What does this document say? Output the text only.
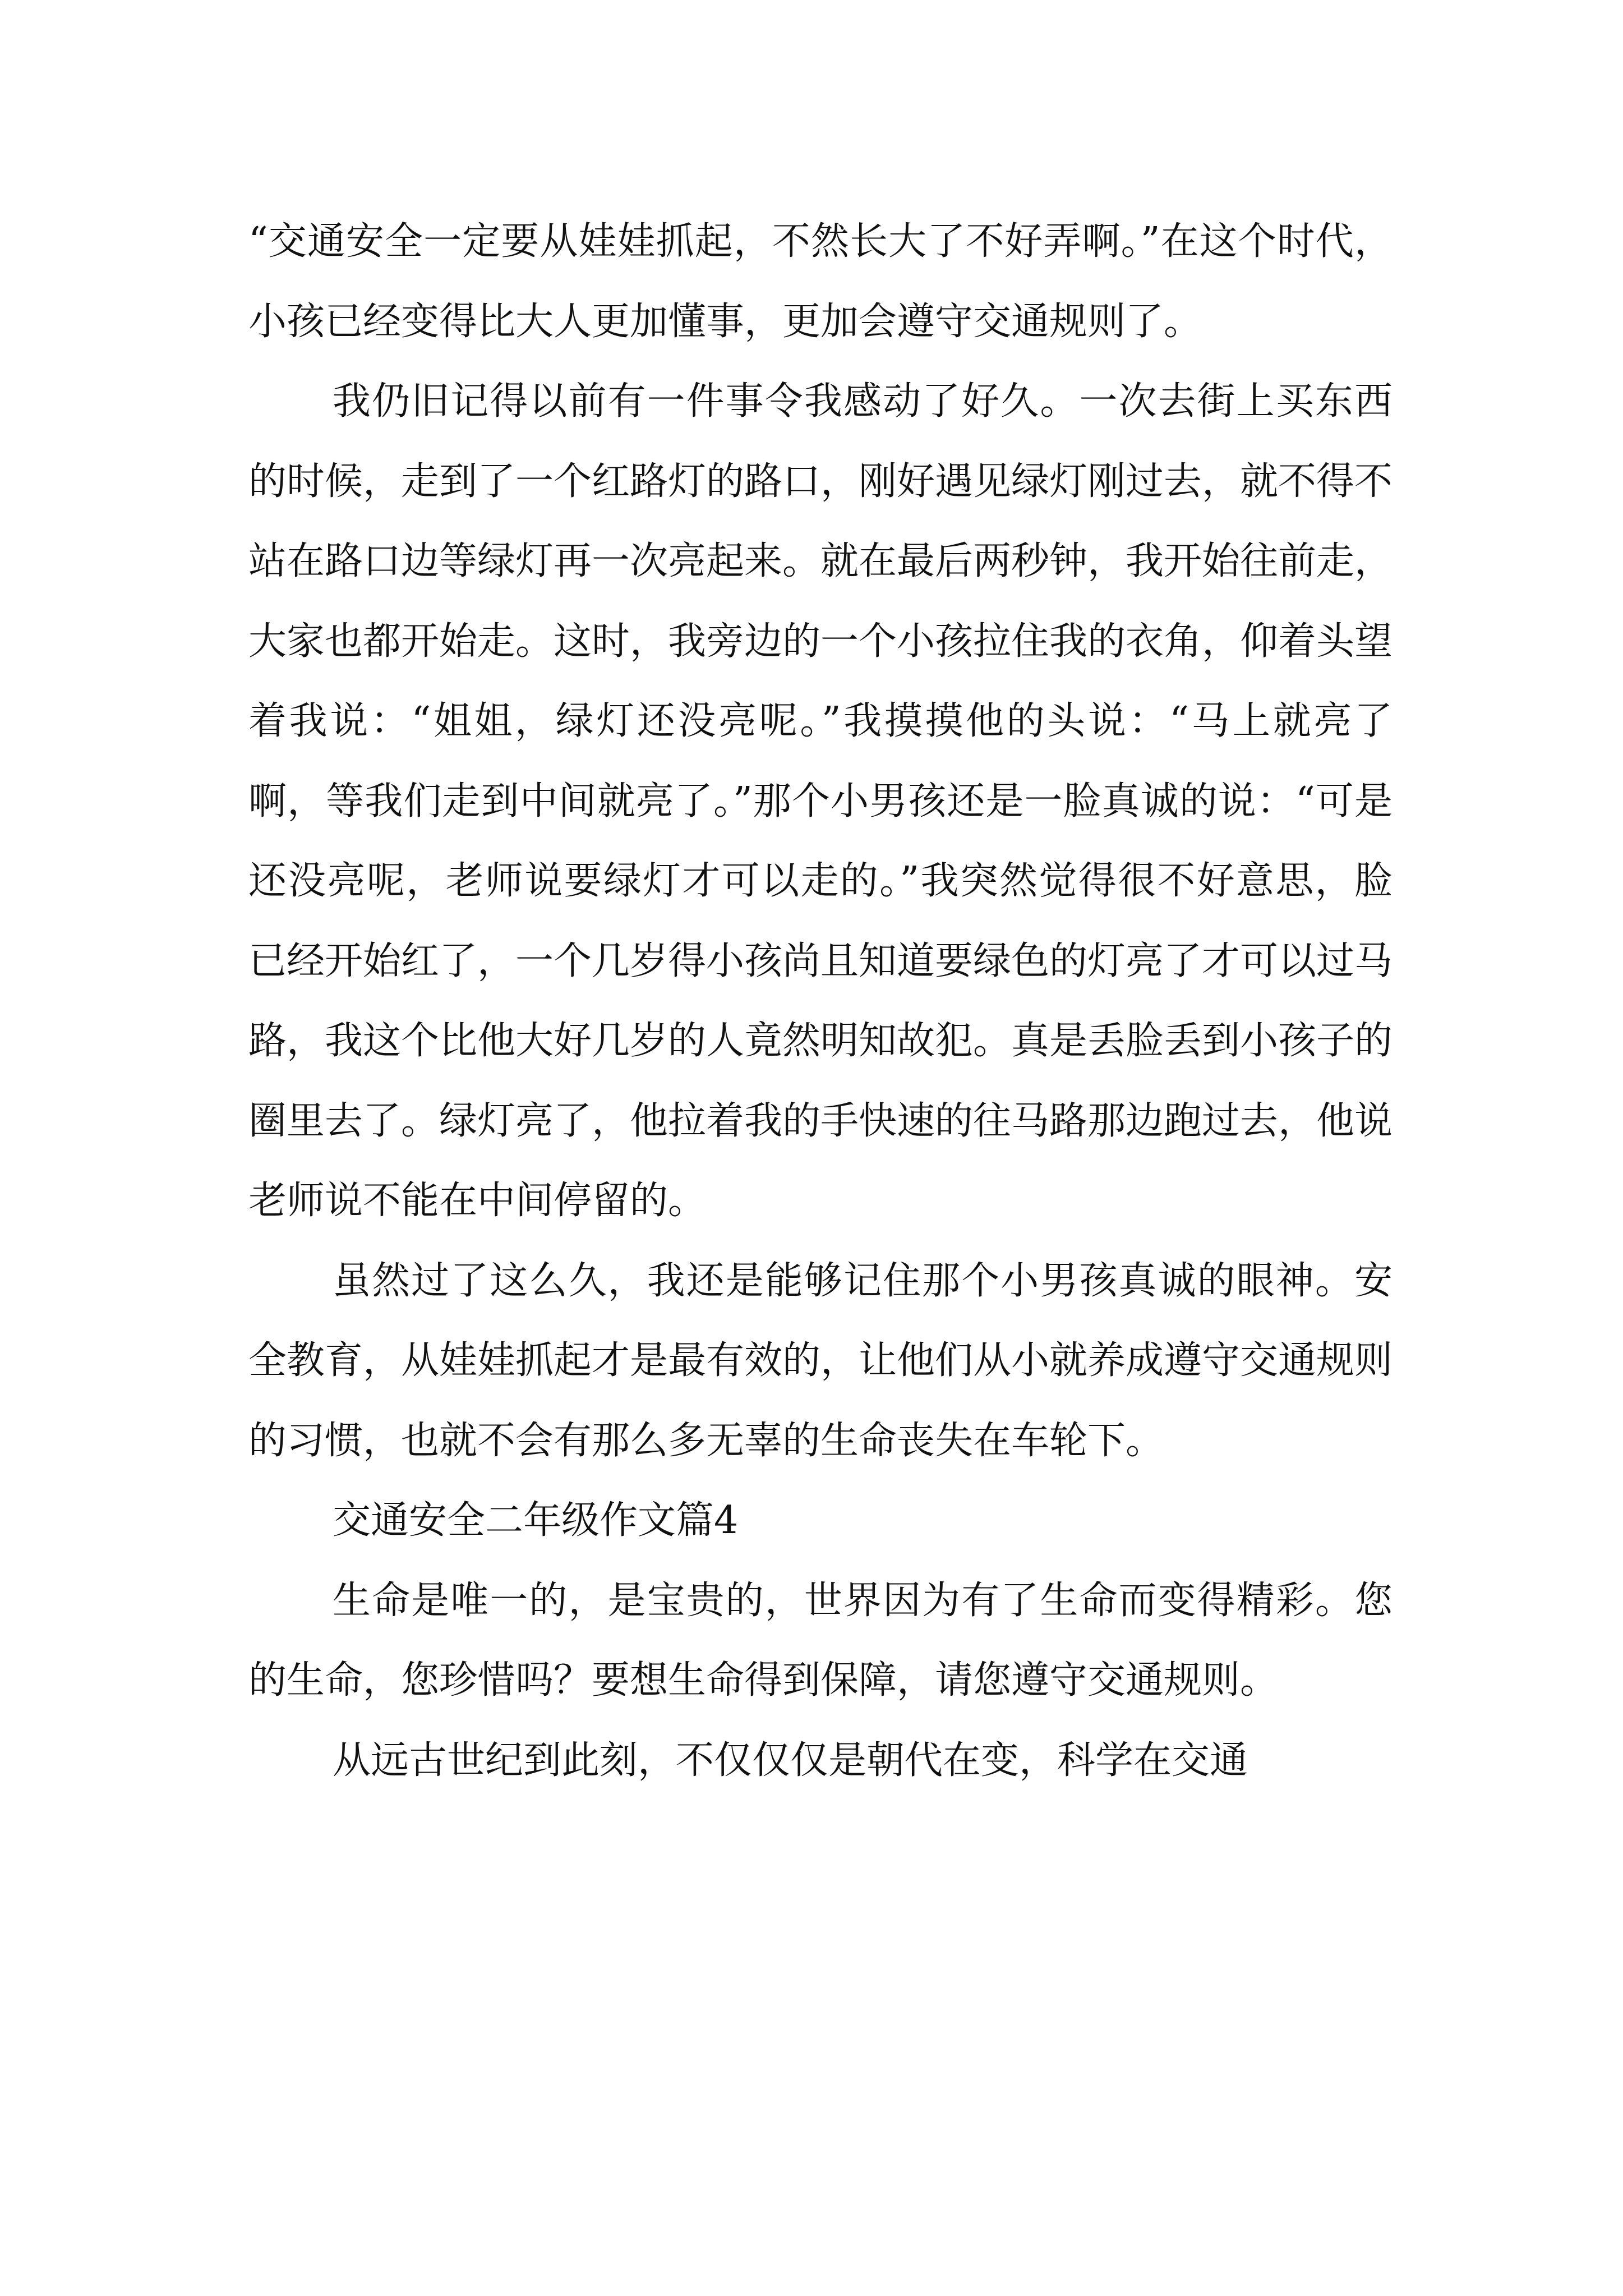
“交通安全一定要从娃娃抓起，不然长大了不好弄啊。”在这个时代，小孩已经变得比大人更加懂事，更加会遵守交通规则了。

我仍旧记得以前有一件事令我感动了好久。一次去街上买东西的时候，走到了一个红路灯的路口，刚好遇见绿灯刚过去，就不得不站在路口边等绿灯再一次亮起来。就在最后两秒钟，我开始往前走，大家也都开始走。这时，我旁边的一个小孩拉住我的衣角，仰着头望着我说：“姐姐，绿灯还没亮呢。”我摸摸他的头说：“马上就亮了啊，等我们走到中间就亮了。”那个小男孩还是一脸真诚的说：“可是还没亮呢，老师说要绿灯才可以走的。”我突然觉得很不好意思，脸已经开始红了，一个几岁得小孩尚且知道要绿色的灯亮了才可以过马路，我这个比他大好几岁的人竟然明知故犯。真是丢脸丢到小孩子的圈里去了。绿灯亮了，他拉着我的手快速的往马路那边跑过去，他说老师说不能在中间停留的。

虽然过了这么久，我还是能够记住那个小男孩真诚的眼神。安全教育，从娃娃抓起才是最有效的，让他们从小就养成遵守交通规则的习惯，也就不会有那么多无辜的生命丧失在车轮下。

交通安全二年级作文篇4

生命是唯一的，是宝贵的，世界因为有了生命而变得精彩。您的生命，您珍惜吗？要想生命得到保障，请您遵守交通规则。

从远古世纪到此刻，不仅仅仅是朝代在变，科学在交通
